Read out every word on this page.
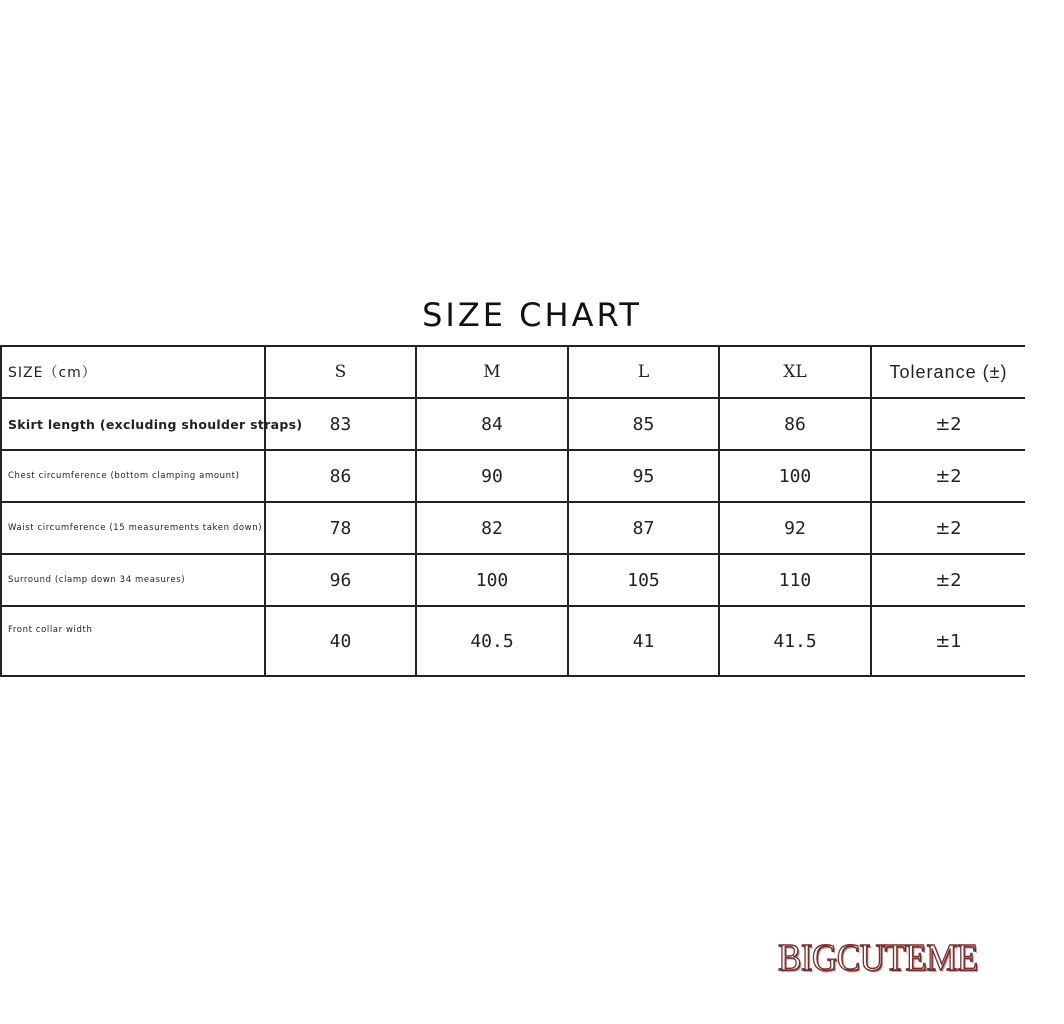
SIZE CHART
SIZE（cm）	S	M	L	XL	Tolerance (±)
Skirt length (excluding shoulder straps)	83	84	85	86	±2
Chest circumference (bottom clamping amount)	86	90	95	100	±2
Waist circumference (15 measurements taken down)	78	82	87	92	±2
Surround (clamp down 34 measures)	96	100	105	110	±2
Front collar width	40	40.5	41	41.5	±1
BIGCUTEME
